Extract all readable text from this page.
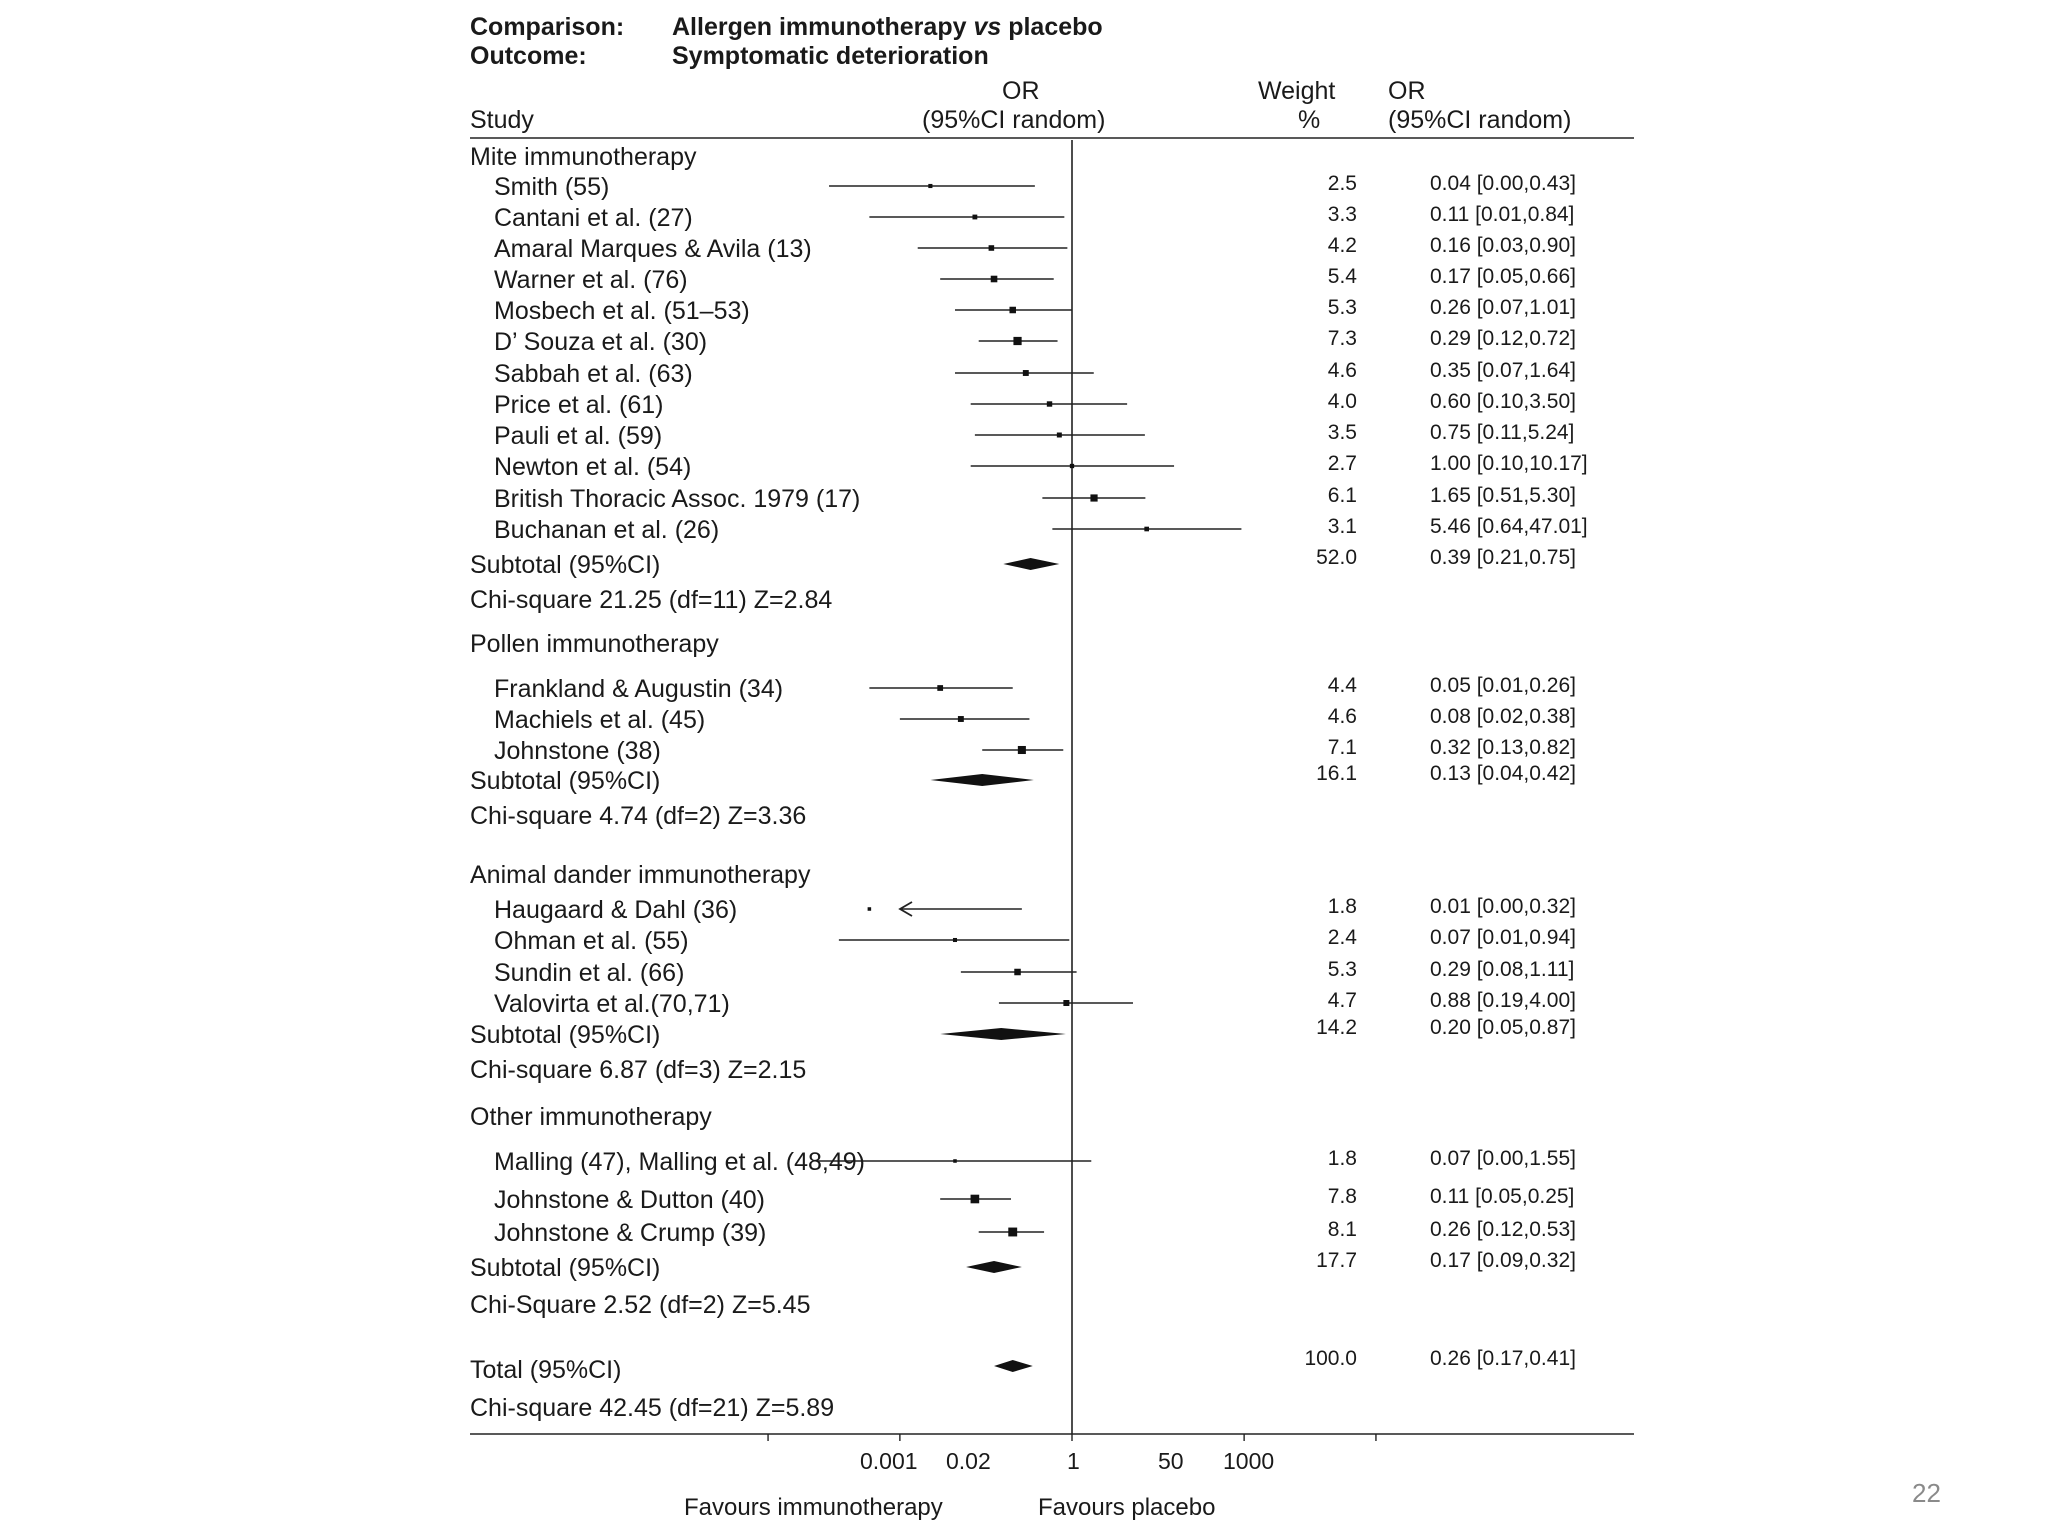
Comparison: Allergen immunotherapy vs placebo
Outcome:	Symptomatic deterioration
Study
OR
(95%CI random)
Weight
%
OR
(95%CI random)
Mite immunotherapy
Smith (55)	2.5	0.04 [0.00,0.43]
Cantani et al. (27)	3.3	0.11 [0.01,0.84]
Amaral Marques & Avila (13)	4.2	0.16 [0.03,0.90]
Warner et al. (76)	5.4	0.17 [0.05,0.66]
Mosbech et al. (51–53)	5.3	0.26 [0.07,1.01]
D’ Souza et al. (30)	7.3	0.29 [0.12,0.72]
Sabbah et al. (63)	4.6	0.35 [0.07,1.64]
Price et al. (61)	4.0	0.60 [0.10,3.50]
Pauli et al. (59)	3.5	0.75 [0.11,5.24]
Newton et al. (54)	2.7	1.00 [0.10,10.17]
British Thoracic Assoc. 1979 (17)	6.1	1.65 [0.51,5.30]
Buchanan et al. (26)	3.1	5.46 [0.64,47.01]
Subtotal (95%CI)	52.0	0.39 [0.21,0.75]
Chi-square 21.25 (df=11) Z=2.84
Pollen immunotherapy
Frankland & Augustin (34)	4.4	0.05 [0.01,0.26]
Machiels et al. (45)	4.6	0.08 [0.02,0.38]
Johnstone (38)	7.1	0.32 [0.13,0.82]
Subtotal (95%CI)	16.1	0.13 [0.04,0.42]
Chi-square 4.74 (df=2) Z=3.36
Animal dander immunotherapy
Haugaard & Dahl (36)	1.8	0.01 [0.00,0.32]
Ohman et al. (55)	2.4	0.07 [0.01,0.94]
Sundin et al. (66)	5.3	0.29 [0.08,1.11]
Valovirta et al.(70,71)	4.7	0.88 [0.19,4.00]
Subtotal (95%CI)	14.2	0.20 [0.05,0.87]
Chi-square 6.87 (df=3) Z=2.15
Other immunotherapy
Malling (47), Malling et al. (48,49)	1.8	0.07 [0.00,1.55]
Johnstone & Dutton (40)	7.8	0.11 [0.05,0.25]
Johnstone & Crump (39)	8.1	0.26 [0.12,0.53]
Subtotal (95%CI)	17.7	0.17 [0.09,0.32]
Chi-Square 2.52 (df=2) Z=5.45
Total (95%CI)	100.0	0.26 [0.17,0.41]
Chi-square 42.45 (df=21) Z=5.89
0.001 0.02	1	50 1000
Favours immunotherapy	Favours placebo	22
